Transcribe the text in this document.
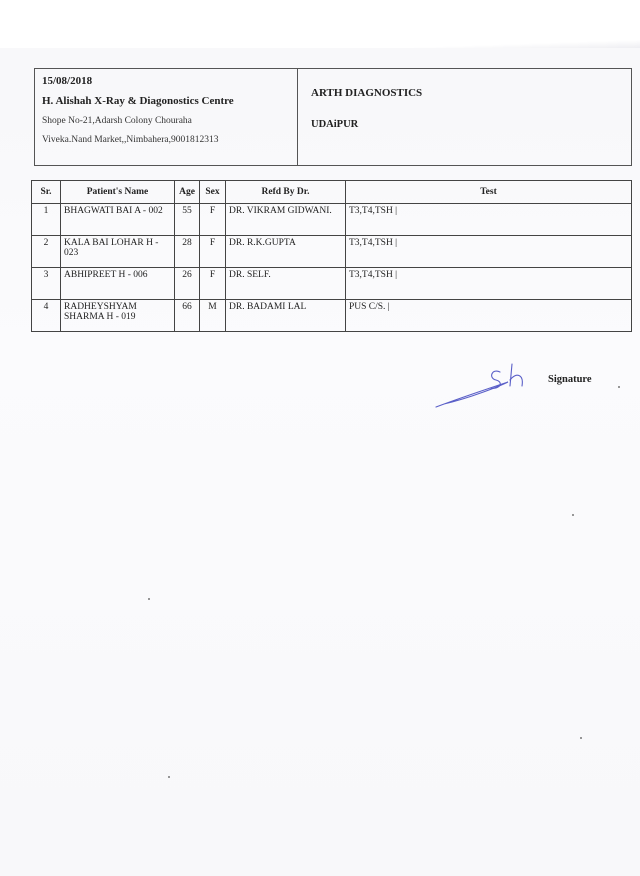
15/08/2018
H. Alishah X-Ray & Diagonostics Centre
Shope No-21,Adarsh Colony Chouraha
Viveka.Nand Market,,Nimbahera,9001812313
ARTH DIAGNOSTICS
UDAiPUR
Sr.	Patient's Name	Age	Sex	Refd By Dr.	Test
1	BHAGWATI BAI A - 002	55	F	DR. VIKRAM GIDWANI.	T3,T4,TSH |
2	KALA BAI LOHAR H - 023	28	F	DR. R.K.GUPTA	T3,T4,TSH |
3	ABHIPREET H - 006	26	F	DR. SELF.	T3,T4,TSH |
4	RADHEYSHYAM SHARMA H - 019	66	M	DR. BADAMI LAL	PUS C/S. |
Signature
